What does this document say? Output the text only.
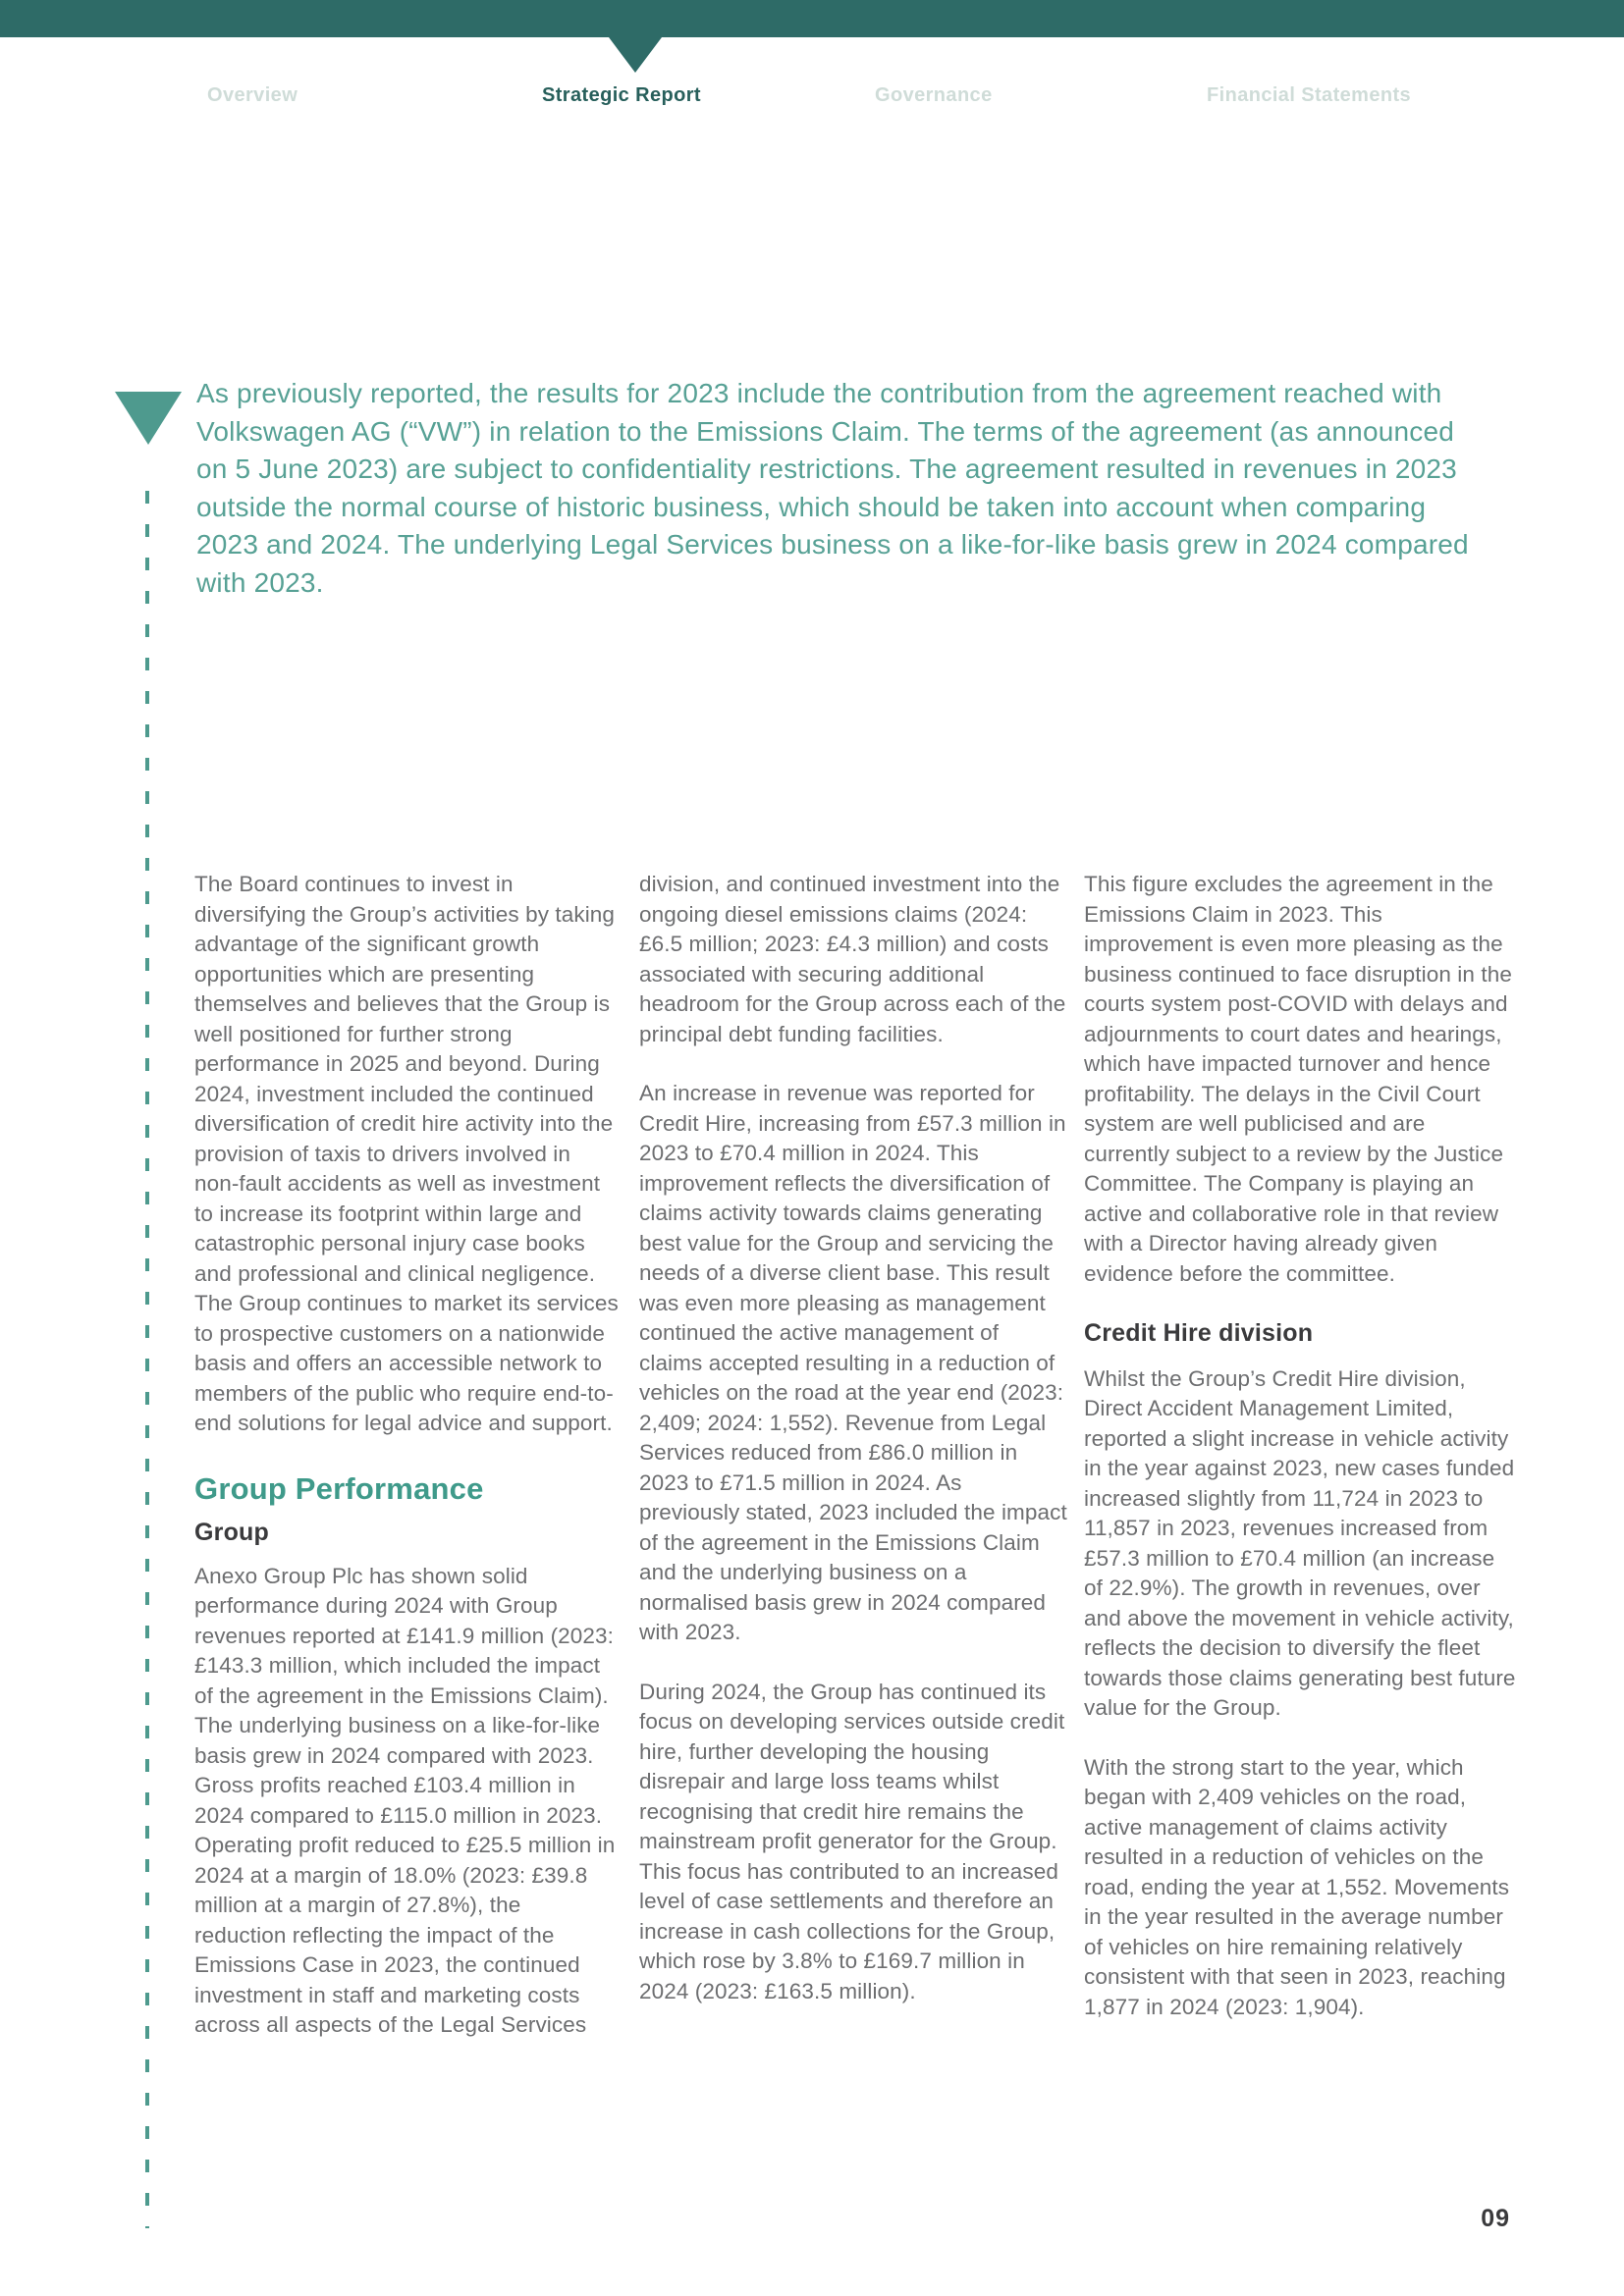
Overview	Strategic Report	Governance	Financial Statements

As previously reported, the results for 2023 include the contribution from the agreement reached with Volkswagen AG (“VW”) in relation to the Emissions Claim. The terms of the agreement (as announced on 5 June 2023) are subject to confidentiality restrictions. The agreement resulted in revenues in 2023 outside the normal course of historic business, which should be taken into account when comparing 2023 and 2024. The underlying Legal Services business on a like-for-like basis grew in 2024 compared with 2023.

The Board continues to invest in diversifying the Group’s activities by taking advantage of the significant growth opportunities which are presenting themselves and believes that the Group is well positioned for further strong performance in 2025 and beyond. During 2024, investment included the continued diversification of credit hire activity into the provision of taxis to drivers involved in non-fault accidents as well as investment to increase its footprint within large and catastrophic personal injury case books and professional and clinical negligence. The Group continues to market its services to prospective customers on a nationwide basis and offers an accessible network to members of the public who require end-to-end solutions for legal advice and support.

Group Performance
Group

Anexo Group Plc has shown solid performance during 2024 with Group revenues reported at £141.9 million (2023: £143.3 million, which included the impact of the agreement in the Emissions Claim). The underlying business on a like-for-like basis grew in 2024 compared with 2023. Gross profits reached £103.4 million in 2024 compared to £115.0 million in 2023. Operating profit reduced to £25.5 million in 2024 at a margin of 18.0% (2023: £39.8 million at a margin of 27.8%), the reduction reflecting the impact of the Emissions Case in 2023, the continued investment in staff and marketing costs across all aspects of the Legal Services

division, and continued investment into the ongoing diesel emissions claims (2024: £6.5 million; 2023: £4.3 million) and costs associated with securing additional headroom for the Group across each of the principal debt funding facilities.

An increase in revenue was reported for Credit Hire, increasing from £57.3 million in 2023 to £70.4 million in 2024. This improvement reflects the diversification of claims activity towards claims generating best value for the Group and servicing the needs of a diverse client base. This result was even more pleasing as management continued the active management of claims accepted resulting in a reduction of vehicles on the road at the year end (2023: 2,409; 2024: 1,552). Revenue from Legal Services reduced from £86.0 million in 2023 to £71.5 million in 2024. As previously stated, 2023 included the impact of the agreement in the Emissions Claim and the underlying business on a normalised basis grew in 2024 compared with 2023.

During 2024, the Group has continued its focus on developing services outside credit hire, further developing the housing disrepair and large loss teams whilst recognising that credit hire remains the mainstream profit generator for the Group. This focus has contributed to an increased level of case settlements and therefore an increase in cash collections for the Group, which rose by 3.8% to £169.7 million in 2024 (2023: £163.5 million).

This figure excludes the agreement in the Emissions Claim in 2023. This improvement is even more pleasing as the business continued to face disruption in the courts system post-COVID with delays and adjournments to court dates and hearings, which have impacted turnover and hence profitability. The delays in the Civil Court system are well publicised and are currently subject to a review by the Justice Committee. The Company is playing an active and collaborative role in that review with a Director having already given evidence before the committee.

Credit Hire division

Whilst the Group’s Credit Hire division, Direct Accident Management Limited, reported a slight increase in vehicle activity in the year against 2023, new cases funded increased slightly from 11,724 in 2023 to 11,857 in 2023, revenues increased from £57.3 million to £70.4 million (an increase of 22.9%). The growth in revenues, over and above the movement in vehicle activity, reflects the decision to diversify the fleet towards those claims generating best future value for the Group.

With the strong start to the year, which began with 2,409 vehicles on the road, active management of claims activity resulted in a reduction of vehicles on the road, ending the year at 1,552. Movements in the year resulted in the average number of vehicles on hire remaining relatively consistent with that seen in 2023, reaching 1,877 in 2024 (2023: 1,904).

09
